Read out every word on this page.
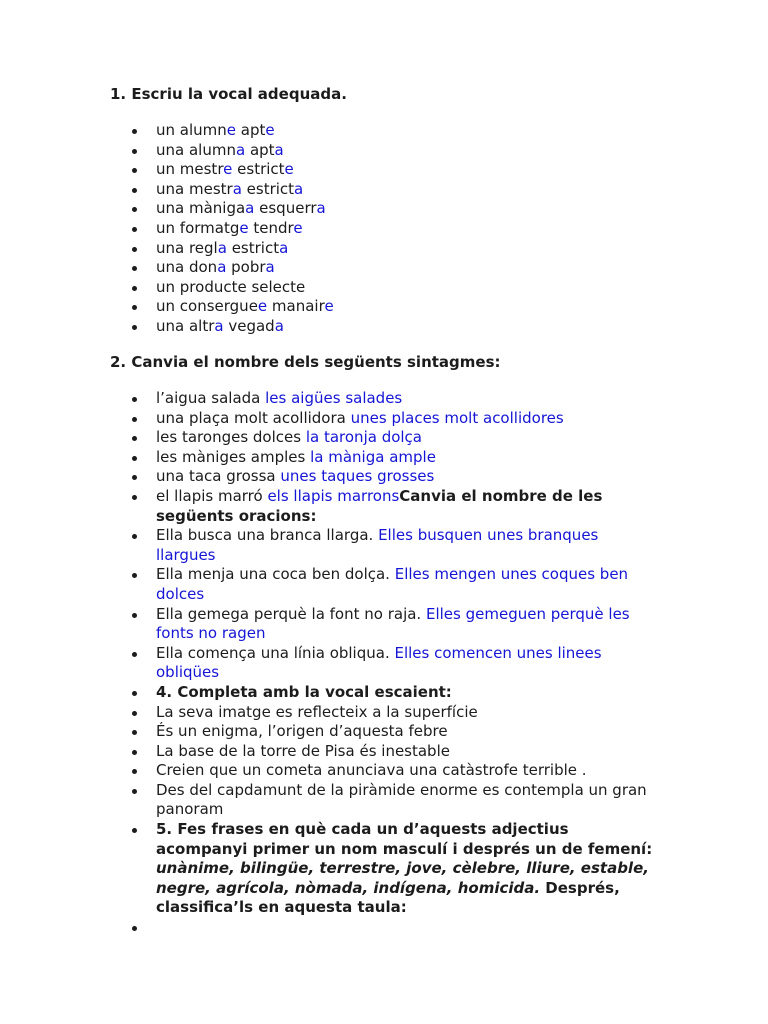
1. Escriu la vocal adequada.
un alumne apte
una alumna apta
un mestre estricte
una mestra estricta
una mànigaa esquerra
un formatge tendre
una regla estricta
una dona pobra
un producte selecte
un conserguee manaire
una altra vegada
2. Canvia el nombre dels següents sintagmes:
l’aigua salada les aigües salades
una plaça molt acollidora unes places molt acollidores
les taronges dolces la taronja dolça
les màniges amples la màniga ample
una taca grossa unes taques grosses
el llapis marró els llapis marronsCanvia el nombre de les següents oracions:
Ella busca una branca llarga. Elles busquen unes branques llargues
Ella menja una coca ben dolça. Elles mengen unes coques ben dolces
Ella gemega perquè la font no raja. Elles gemeguen perquè les fonts no ragen
Ella comença una línia obliqua. Elles comencen unes linees obliqües
4. Completa amb la vocal escaient:
La seva imatge es reflecteix a la superfície
És un enigma, l’origen d’aquesta febre
La base de la torre de Pisa és inestable
Creien que un cometa anunciava una catàstrofe terrible .
Des del capdamunt de la piràmide enorme es contempla un gran panoram
5. Fes frases en què cada un d’aquests adjectius acompanyi primer un nom masculí i després un de femení: unànime, bilingüe, terrestre, jove, cèlebre, lliure, estable, negre, agrícola, nòmada, indígena, homicida. Després, classifica’ls en aquesta taula:
